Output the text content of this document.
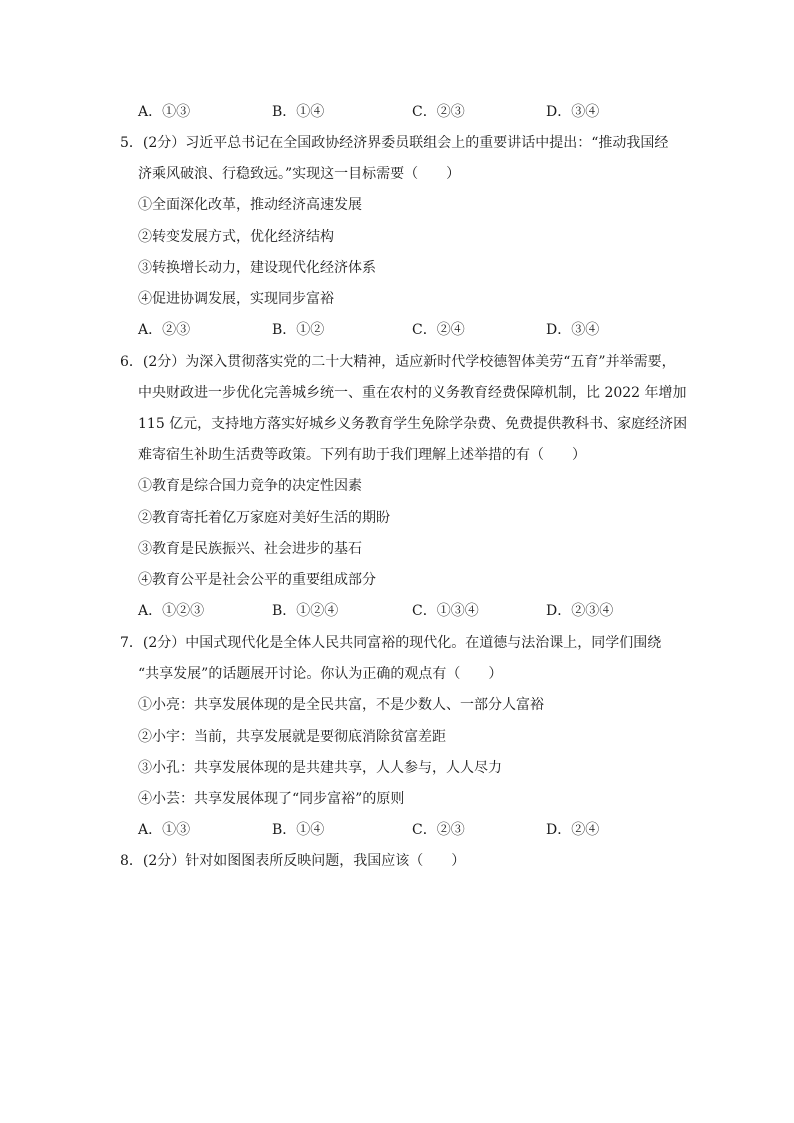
A．①③	B．①④	C．②③	D．③④
5．(2分）习近平总书记在全国政协经济界委员联组会上的重要讲话中提出：“推动我国经
济乘风破浪、行稳致远。”实现这一目标需要（　　）
①全面深化改革，推动经济高速发展
②转变发展方式，优化经济结构
③转换增长动力，建设现代化经济体系
④促进协调发展，实现同步富裕
A．②③	B．①②	C．②④	D．③④
6．(2分）为深入贯彻落实党的二十大精神，适应新时代学校德智体美劳“五育”并举需要，
中央财政进一步优化完善城乡统一、重在农村的义务教育经费保障机制，比 2022 年增加
115 亿元，支持地方落实好城乡义务教育学生免除学杂费、免费提供教科书、家庭经济困
难寄宿生补助生活费等政策。下列有助于我们理解上述举措的有（　　）
①教育是综合国力竞争的决定性因素
②教育寄托着亿万家庭对美好生活的期盼
③教育是民族振兴、社会进步的基石
④教育公平是社会公平的重要组成部分
A．①②③	B．①②④	C．①③④	D．②③④
7．(2分）中国式现代化是全体人民共同富裕的现代化。在道德与法治课上，同学们围绕
“共享发展”的话题展开讨论。你认为正确的观点有（　　）
①小亮：共享发展体现的是全民共富，不是少数人、一部分人富裕
②小宇：当前，共享发展就是要彻底消除贫富差距
③小孔：共享发展体现的是共建共享，人人参与，人人尽力
④小芸：共享发展体现了“同步富裕”的原则
A．①③	B．①④	C．②③	D．②④
8．(2分）针对如图图表所反映问题，我国应该（　　）
